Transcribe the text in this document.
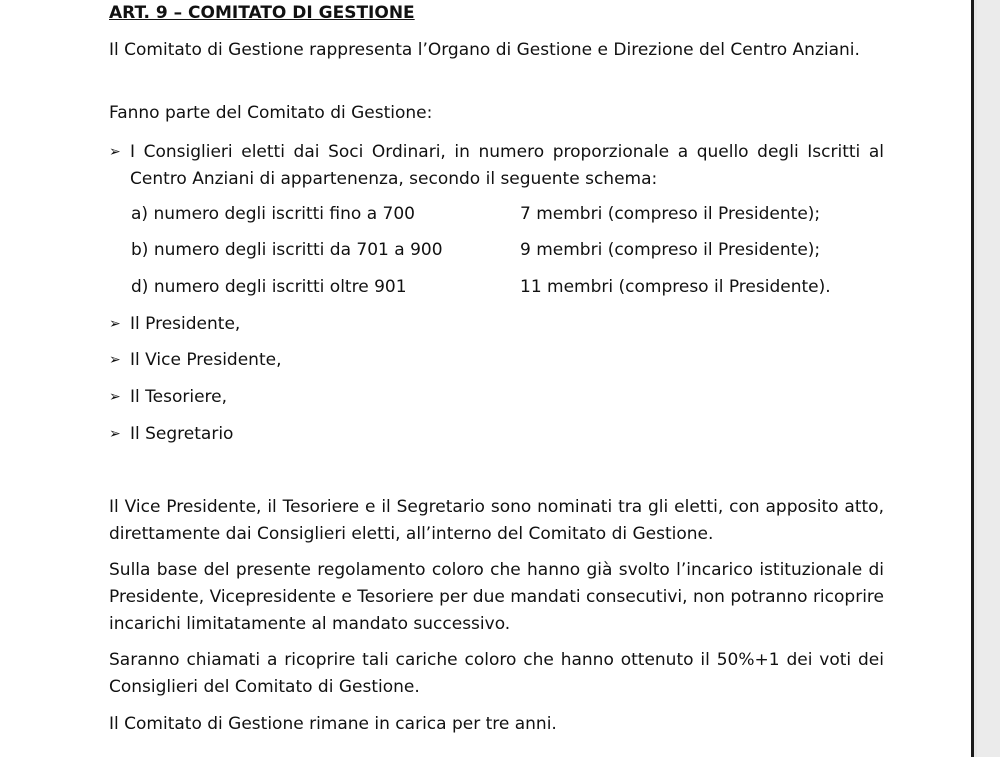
ART. 9 – COMITATO DI GESTIONE

Il Comitato di Gestione rappresenta l’Organo di Gestione e Direzione del Centro Anziani.

Fanno parte del Comitato di Gestione:

➢ I Consiglieri eletti dai Soci Ordinari, in numero proporzionale a quello degli Iscritti al Centro Anziani di appartenenza, secondo il seguente schema:
a) numero degli iscritti fino a 700	7 membri (compreso il Presidente);
b) numero degli iscritti da 701 a 900	9 membri (compreso il Presidente);
d) numero degli iscritti oltre 901	11 membri (compreso il Presidente).
➢ Il Presidente,
➢ Il Vice Presidente,
➢ Il Tesoriere,
➢ Il Segretario

Il Vice Presidente, il Tesoriere e il Segretario sono nominati tra gli eletti, con apposito atto, direttamente dai Consiglieri eletti, all’interno del Comitato di Gestione.

Sulla base del presente regolamento coloro che hanno già svolto l’incarico istituzionale di Presidente, Vicepresidente e Tesoriere per due mandati consecutivi, non potranno ricoprire incarichi limitatamente al mandato successivo.

Saranno chiamati a ricoprire tali cariche coloro che hanno ottenuto il 50%+1 dei voti dei Consiglieri del Comitato di Gestione.

Il Comitato di Gestione rimane in carica per tre anni.
